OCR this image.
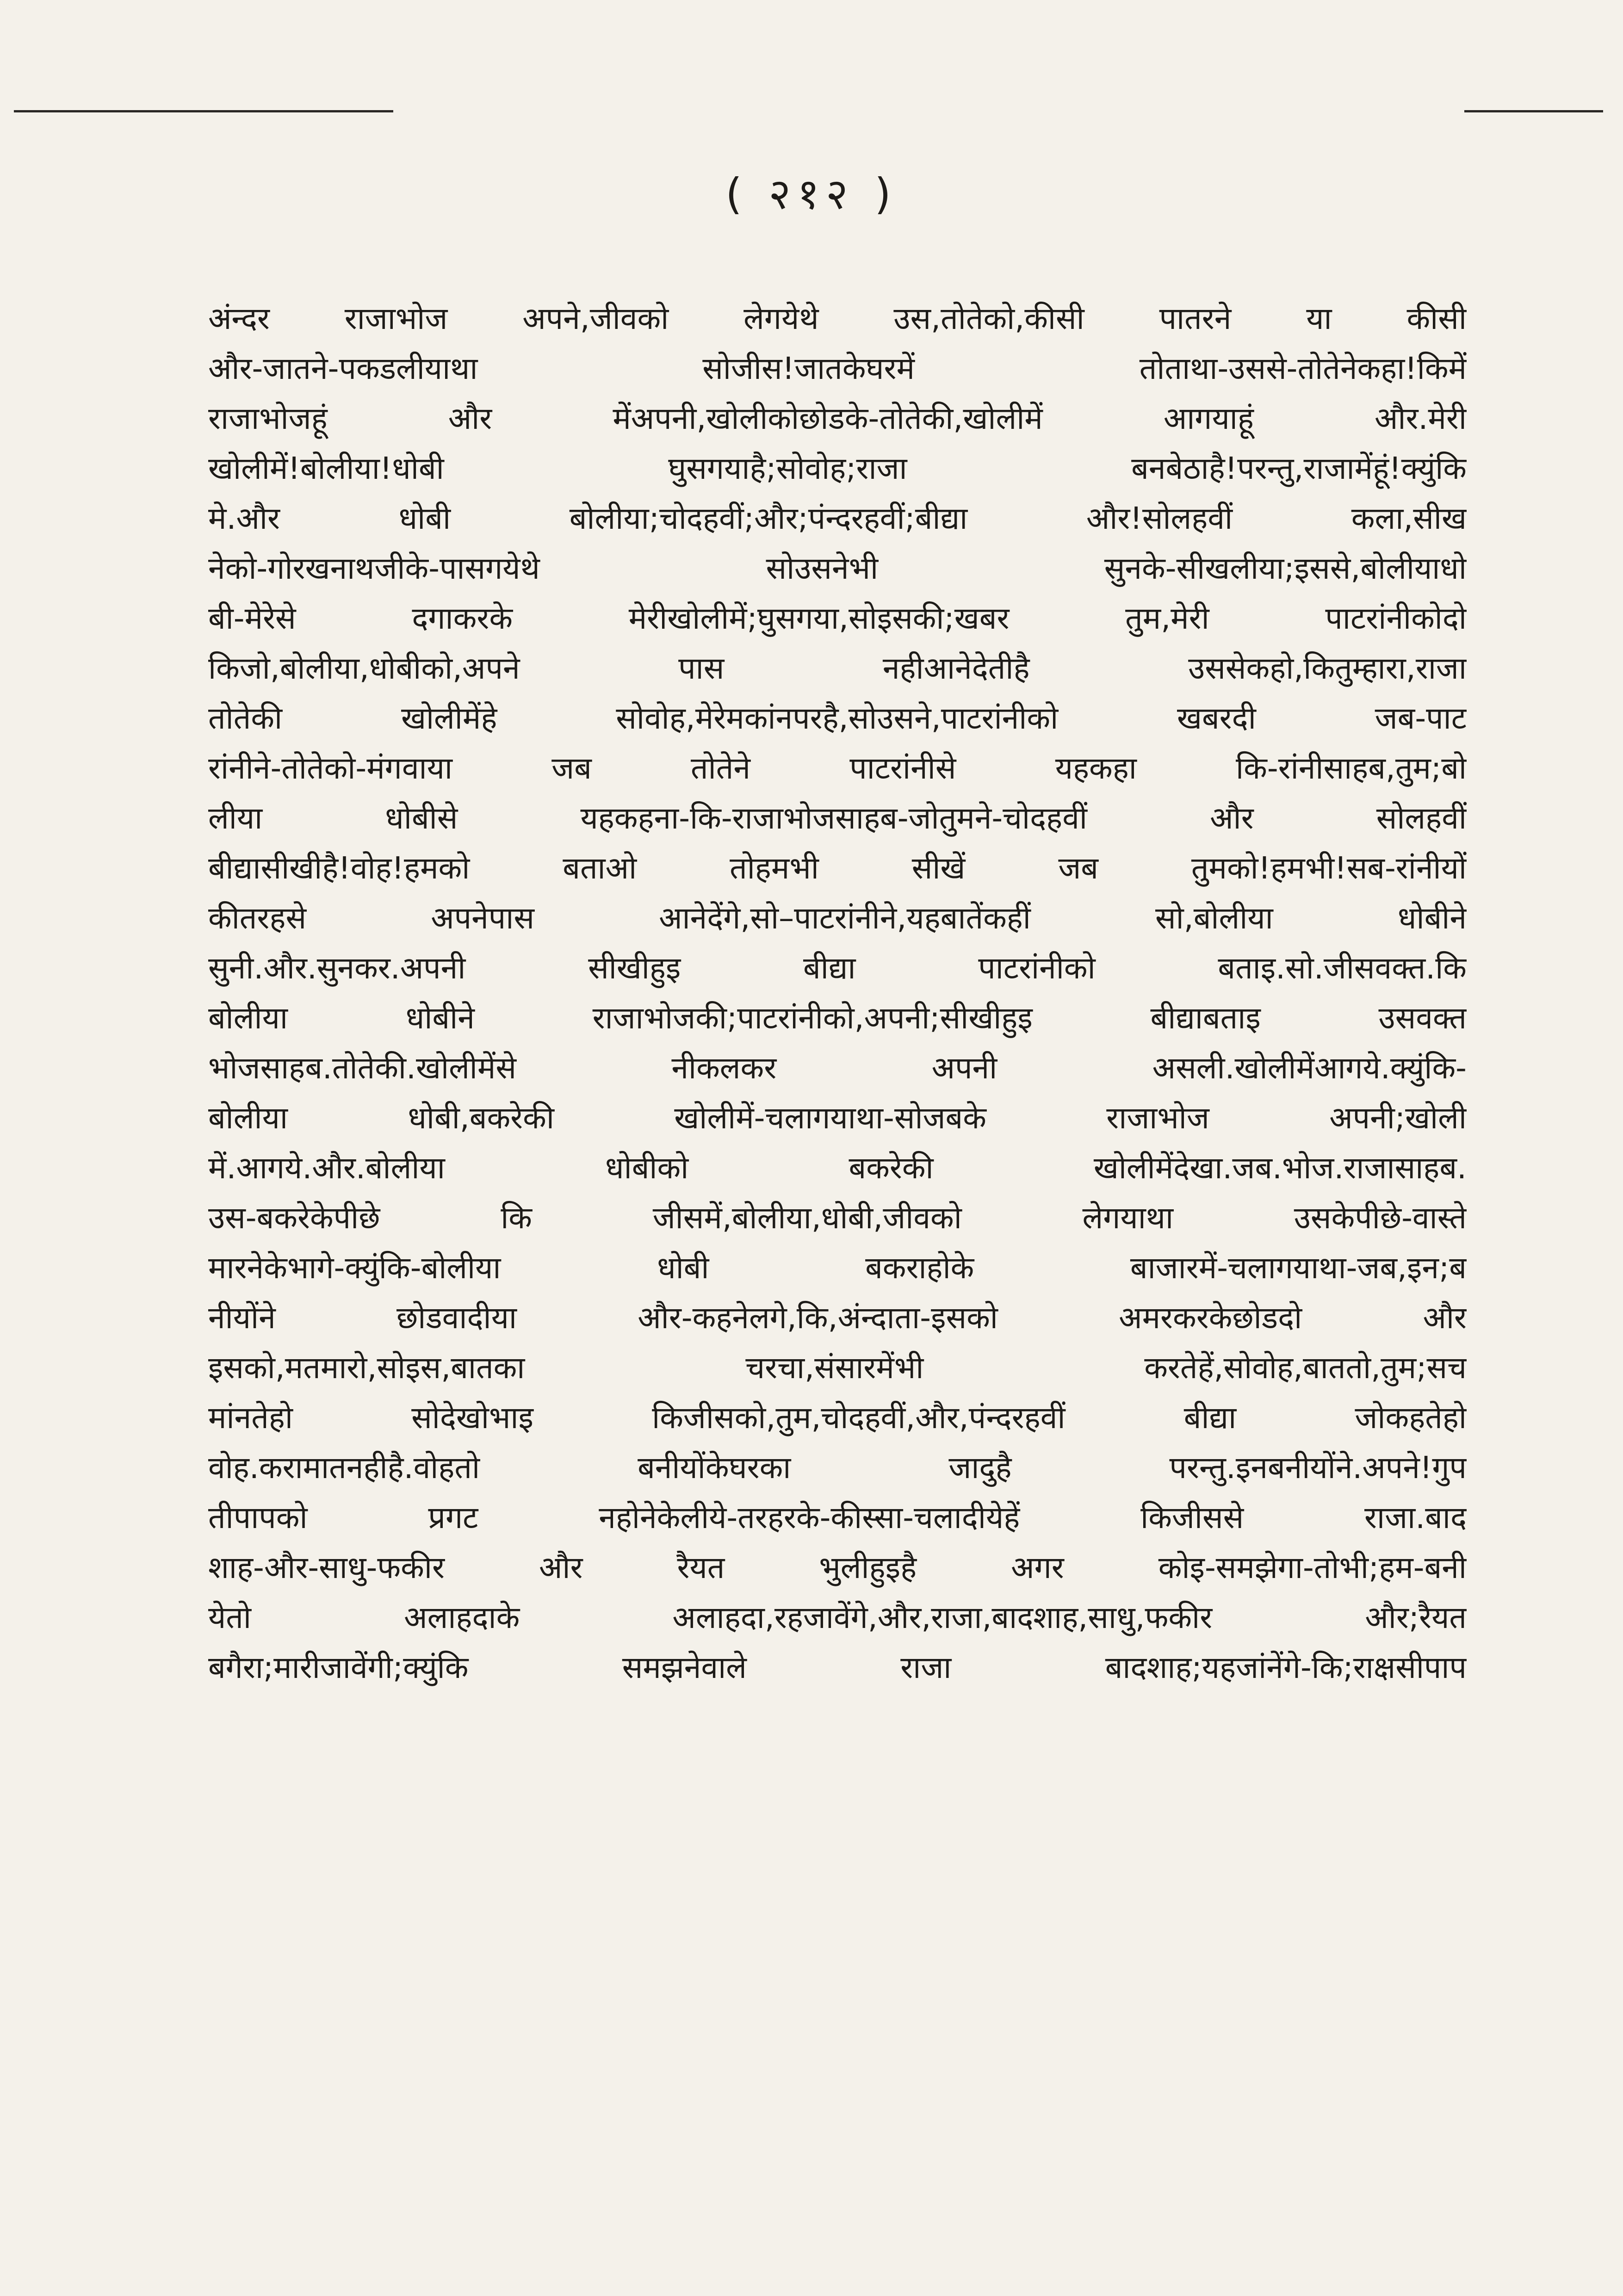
( २१२ )
अंन्दर राजाभोज अपने,जीवको लेगयेथे उस,तोतेको,कीसी पातरने या कीसी
और-जातने-पकडलीयाथा सोजीस!जातकेघरमें तोताथा-उससे-तोतेनेकहा!किमें
राजाभोजहूं और मेंअपनी,खोलीकोछोडके-तोतेकी,खोलीमें आगयाहूं और.मेरी
खोलीमें!बोलीया!धोबी घुसगयाहै;सोवोह;राजा बनबेठाहै!परन्तु,राजामेंहूं!क्युंकि
मे.और धोबी बोलीया;चोदहवीं;और;पंन्दरहवीं;बीद्या और!सोलहवीं कला,सीख
नेको-गोरखनाथजीके-पासगयेथे सोउसनेभी सुनके-सीखलीया;इससे,बोलीयाधो
बी-मेरेसे दगाकरके मेरीखोलीमें;घुसगया,सोइसकी;खबर तुम,मेरी पाटरांनीकोदो
किजो,बोलीया,धोबीको,अपने पास नहीआनेदेतीहै उससेकहो,कितुम्हारा,राजा
तोतेकी खोलीमेंहे सोवोह,मेरेमकांनपरहै,सोउसने,पाटरांनीको खबरदी जब-पाट
रांनीने-तोतेको-मंगवाया जब तोतेने पाटरांनीसे यहकहा कि-रांनीसाहब,तुम;बो
लीया धोबीसे यहकहना-कि-राजाभोजसाहब-जोतुमने-चोदहवीं और सोलहवीं
बीद्यासीखीहै!वोह!हमको बताओ तोहमभी सीखें जब तुमको!हमभी!सब-रांनीयों
कीतरहसे अपनेपास आनेदेंगे,सो–पाटरांनीने,यहबातेंकहीं सो,बोलीया धोबीने
सुनी.और.सुनकर.अपनी सीखीहुइ बीद्या पाटरांनीको बताइ.सो.जीसवक्त.कि
बोलीया धोबीने राजाभोजकी;पाटरांनीको,अपनी;सीखीहुइ बीद्याबताइ उसवक्त
भोजसाहब.तोतेकी.खोलीमेंसे नीकलकर अपनी असली.खोलीमेंआगये.क्युंकि-
बोलीया धोबी,बकरेकी खोलीमें-चलागयाथा-सोजबके राजाभोज अपनी;खोली
में.आगये.और.बोलीया धोबीको बकरेकी खोलीमेंदेखा.जब.भोज.राजासाहब.
उस-बकरेकेपीछे कि जीसमें,बोलीया,धोबी,जीवको लेगयाथा उसकेपीछे-वास्ते
मारनेकेभागे-क्युंकि-बोलीया धोबी बकराहोके बाजारमें-चलागयाथा-जब,इन;ब
नीयोंने छोडवादीया और-कहनेलगे,कि,अंन्दाता-इसको अमरकरकेछोडदो और
इसको,मतमारो,सोइस,बातका चरचा,संसारमेंभी करतेहें,सोवोह,बाततो,तुम;सच
मांनतेहो सोदेखोभाइ किजीसको,तुम,चोदहवीं,और,पंन्दरहवीं बीद्या जोकहतेहो
वोह.करामातनहीहै.वोहतो बनीयोंकेघरका जादुहै परन्तु.इनबनीयोंने.अपने!गुप
तीपापको प्रगट नहोनेकेलीये-तरहरके-कीस्सा-चलादीयेहें किजीससे राजा.बाद
शाह-और-साधु-फकीर और रैयत भुलीहुइहै अगर कोइ-समझेगा-तोभी;हम-बनी
येतो अलाहदाके अलाहदा,रहजावेंगे,और,राजा,बादशाह,साधु,फकीर और;रैयत
बगैरा;मारीजावेंगी;क्युंकि समझनेवाले राजा बादशाह;यहजांनेंगे-कि;राक्षसीपाप
